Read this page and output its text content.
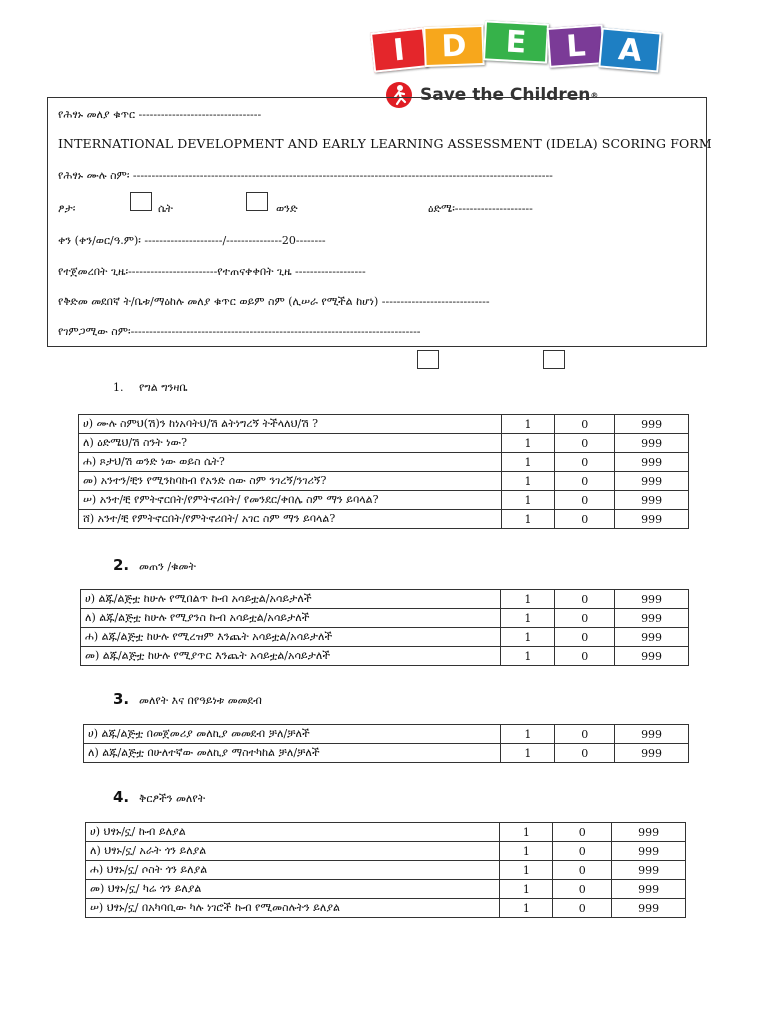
I D E L A
Save the Children ®
የሕፃኑ መለያ ቁጥር ---------------------------------
INTERNATIONAL DEVELOPMENT AND EARLY LEARNING ASSESSMENT (IDELA) SCORING FORM
የሕፃኑ ሙሉ ስም፡ -----------------------------------------------------------------------------------------------------------------
ፆታ፡	ሴት	ወንድ	ዕድሜ፡---------------------
ቀን (ቀን/ወር/ዓ.ም)፡ ---------------------/---------------20--------
የተጀመረበት ጊዜ፡------------------------የተጠናቀቀበት ጊዜ -------------------
የቅድመ መደበኛ ት/ቤቱ/ማዕከሉ መለያ ቁጥር ወይም ስም (ሊሠራ የሚችል ከሆነ) -----------------------------
የገምጋሚው ስም፡------------------------------------------------------------------------------
1.	የግል ግንዛቤ
ሀ) ሙሉ ስምህ(ሽ)ን ከነአባትህ/ሽ ልትነግረኝ ትችላለህ/ሽ ?	1	0	999
ለ) ዕድሜህ/ሽ ስንት ነው?	1	0	999
ሐ) ጾታህ/ሽ ወንድ ነው ወይስ ሴት?	1	0	999
መ) አንተን/ቺን የሚንከባከብ የአንድ ሰው ስም ንገረኝ/ንገሪኝ?	1	0	999
ሠ) አንተ/ቺ የምትኖርበት/የምትኖሪበት/ የመንደር/ቀበሌ ስም ማን ይባላል?	1	0	999
ሸ) አንተ/ቺ የምትኖርበት/የምትኖሪበት/ አገር ስም ማን ይባላል?	1	0	999
2. መጠን /ቁመት
ሀ) ልጁ/ልጅቷ ከሁሉ የሚበልጥ ኩብ አሳይቷል/አሳይታለች	1	0	999
ለ) ልጁ/ልጅቷ ከሁሉ የሚያንስ ኩብ አሳይቷል/አሳይታለች	1	0	999
ሐ) ልጁ/ልጅቷ ከሁሉ የሚረዝም እንጨት አሳይቷል/አሳይታለች	1	0	999
መ) ልጁ/ልጅቷ ከሁሉ የሚያጥር እንጨት አሳይቷል/አሳይታለች	1	0	999
3. መለየት እና በየዓይነቱ መመደብ
ሀ) ልጁ/ልጅቷ በመጀመሪያ መለኪያ መመደብ ቻለ/ቻለች	1	0	999
ለ) ልጁ/ልጅቷ በሁለተኛው መለኪያ ማስተካከል ቻለ/ቻለች	1	0	999
4. ቅርፆችን መለየት
ሀ) ህፃኑ/ኗ/ ኩብ ይለያል	1	0	999
ለ) ህፃኑ/ኗ/ አራት ጎን ይለያል	1	0	999
ሐ) ህፃኑ/ኗ/ ሶስት ጎን ይለያል	1	0	999
መ) ህፃኑ/ኗ/ ካሬ ጎን ይለያል	1	0	999
ሠ) ህፃኑ/ኗ/ በአካባቢው ካሉ ነገሮች ኩብ የሚመስሉትን ይለያል	1	0	999
